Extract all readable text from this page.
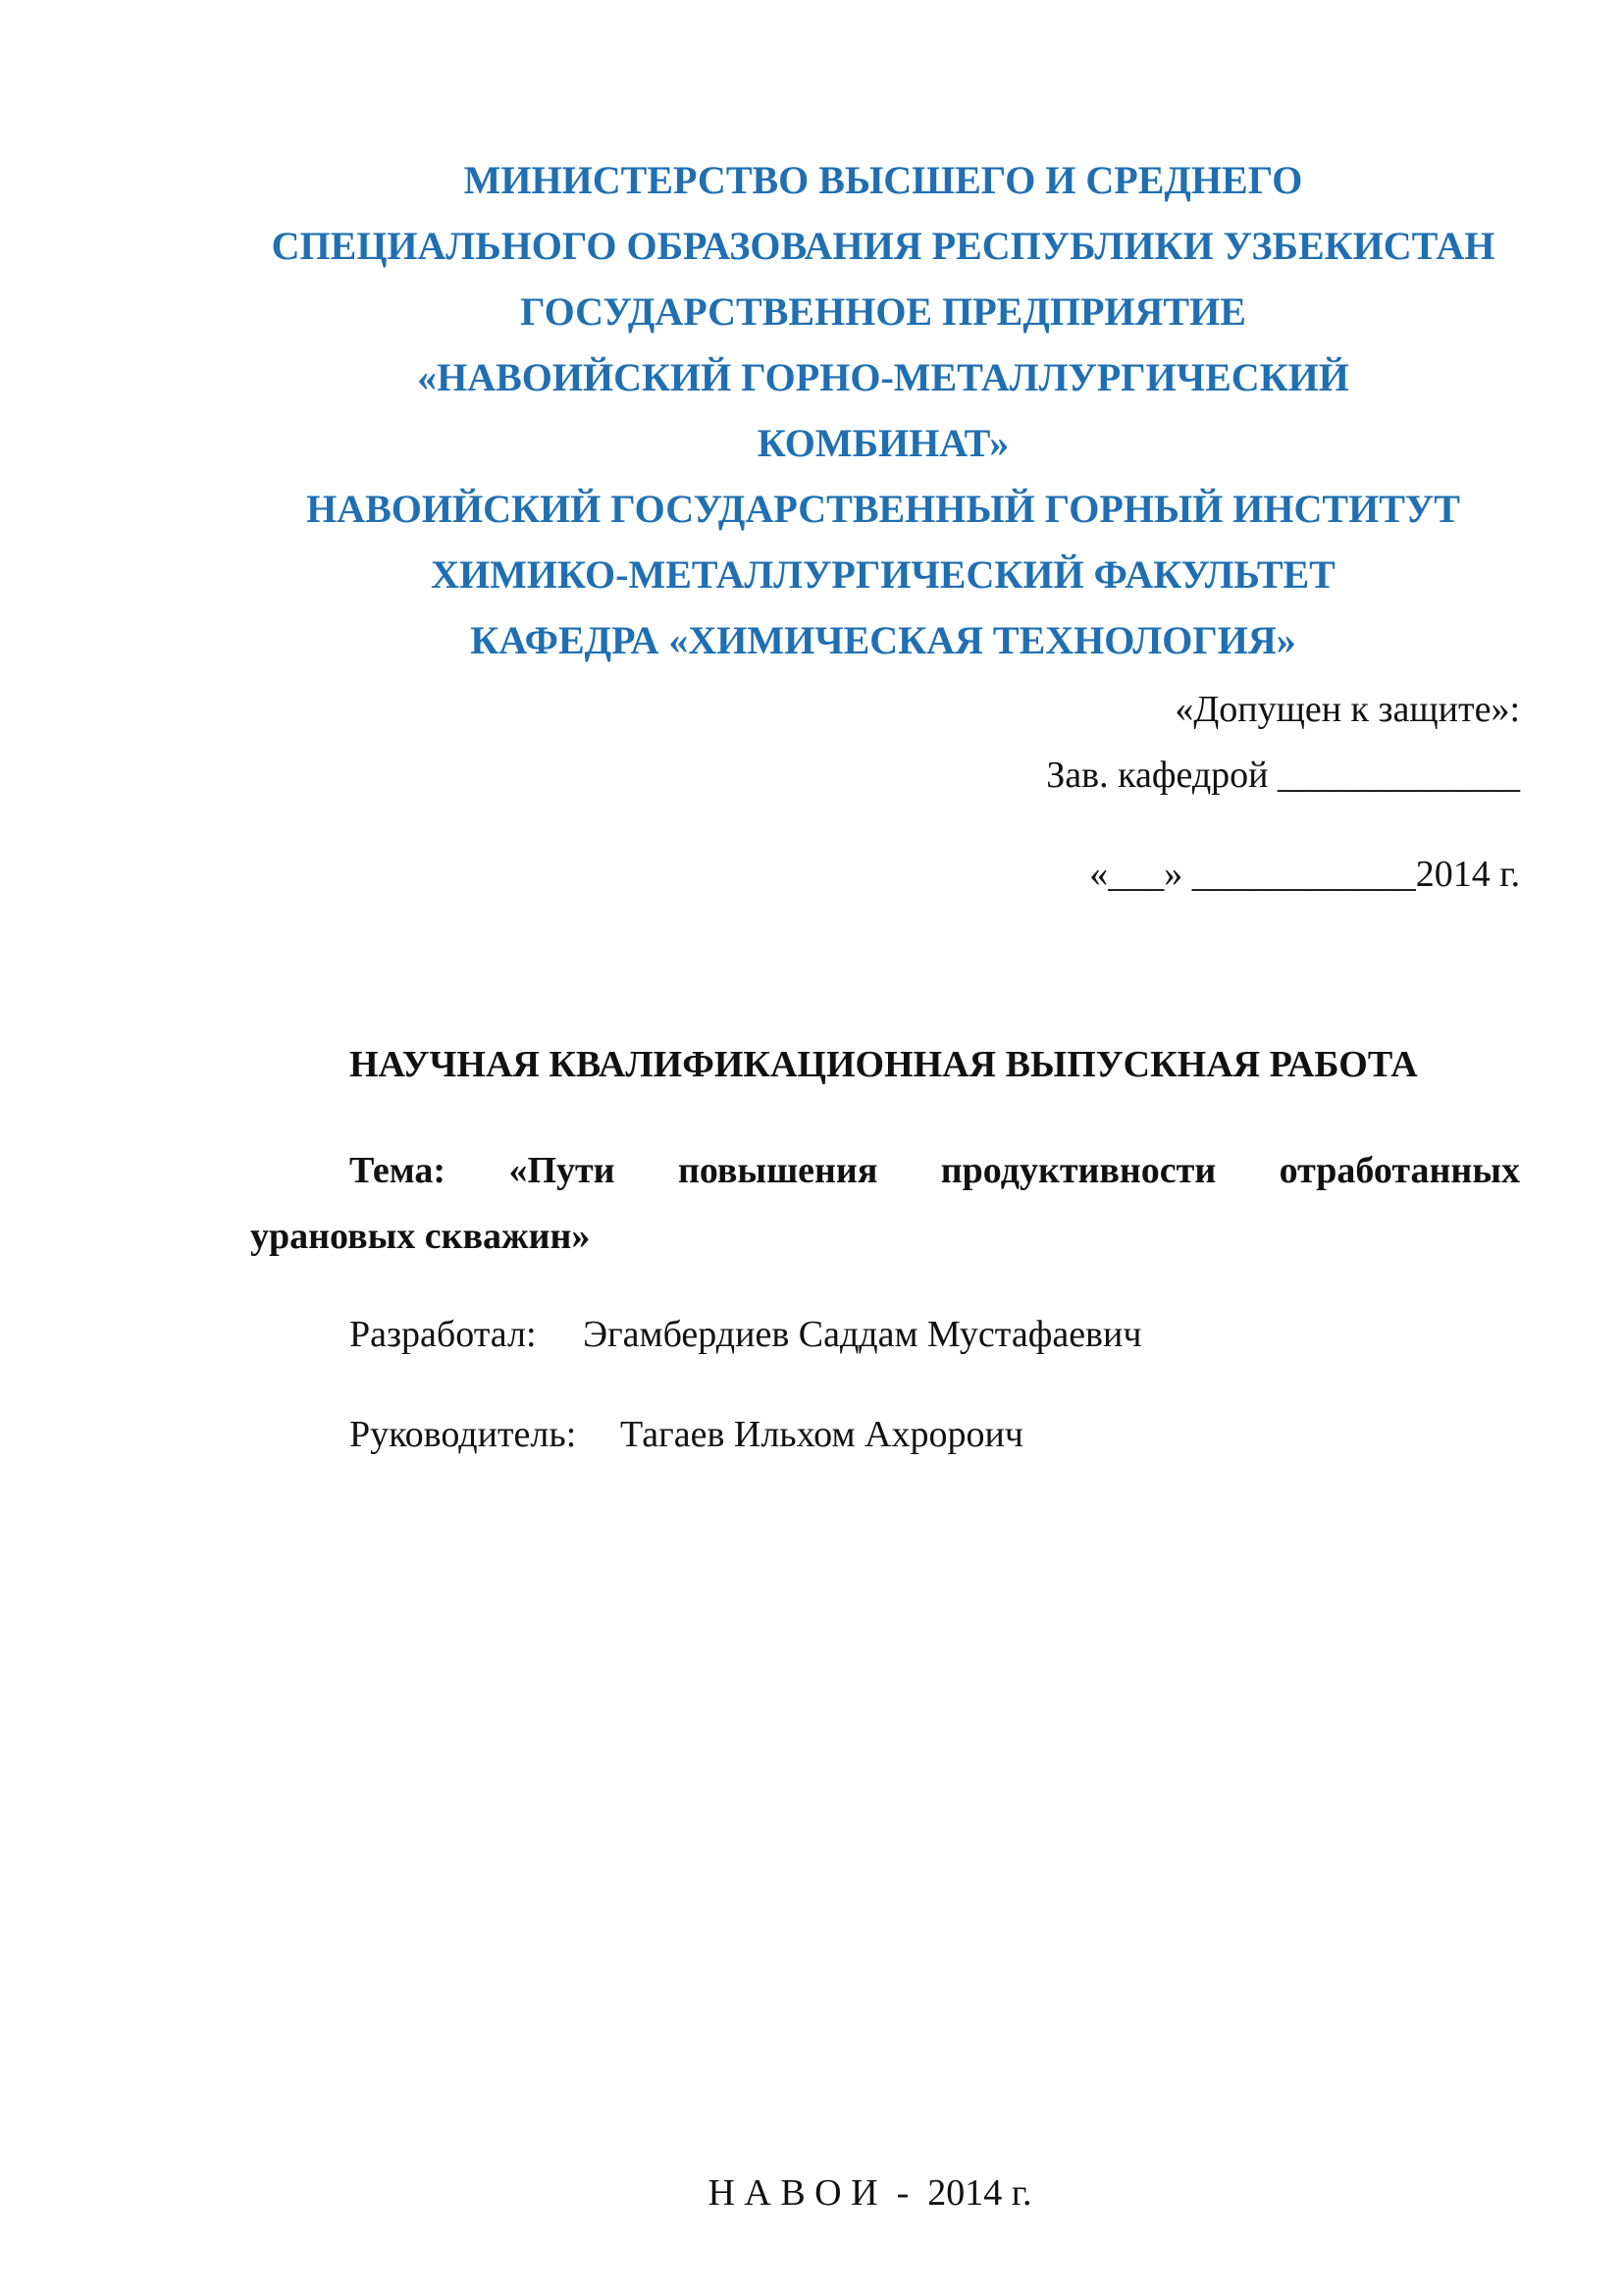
МИНИСТЕРСТВО ВЫСШЕГО И СРЕДНЕГО
СПЕЦИАЛЬНОГО ОБРАЗОВАНИЯ РЕСПУБЛИКИ УЗБЕКИСТАН
ГОСУДАРСТВЕННОЕ ПРЕДПРИЯТИЕ
«НАВОИЙСКИЙ ГОРНО-МЕТАЛЛУРГИЧЕСКИЙ
КОМБИНАТ»
НАВОИЙСКИЙ ГОСУДАРСТВЕННЫЙ ГОРНЫЙ ИНСТИТУТ
ХИМИКО-МЕТАЛЛУРГИЧЕСКИЙ ФАКУЛЬТЕТ
КАФЕДРА «ХИМИЧЕСКАЯ ТЕХНОЛОГИЯ»
«Допущен к защите»:
Зав. кафедрой _____________
«___» ____________2014 г.
НАУЧНАЯ КВАЛИФИКАЦИОННАЯ ВЫПУСКНАЯ РАБОТА
Тема: «Пути повышения продуктивности отработанных
урановых скважин»
Разработал: Эгамбердиев Саддам Мустафаевич
Руководитель: Тагаев Ильхом Ахророич

Н А В О И  -  2014 г.
